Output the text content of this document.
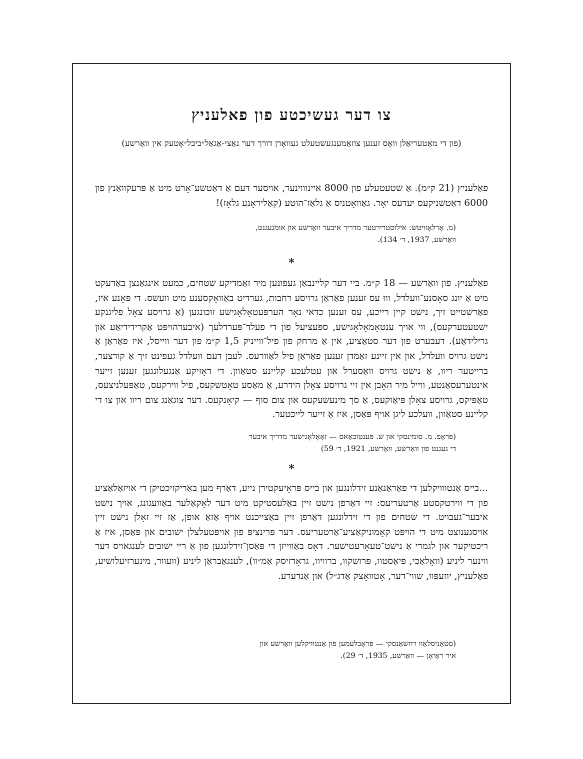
צו דער געשיכטע פון פאלעניץ
(פון די מאַטעריאַלן וואָס זענען צוזאַמענגעשטעלט געוואָרן דורך דער נאַצי-אַגאַל״ביבל״אָטעק אין וואַרשע)

פאַלעניץ (21 ק״מ). אַ שטעטעלע פון 8000 איינוווינער, אויסער דעם אַ דאַטשע־אָרט מיט אַ פּרעקוואַנץ פון 6000 דאַטשניקעס יעדעס יאָר. גאַוואָטניס אַ גלאַז־הוטע (קאַליראָנע גלאָז)!

(מ. אָרלאָוויטש: אילוסטרירטער מדריך איבער וואַרשע און אומגעגנט,

וואַרשע, 1937, ד׳ 134).

*

פאַלעניץ. פון וואַרשע — 18 ק״מ. ביי דער קליינבאַן געפונען מיר זאַמדיקע שטחים, כמעט אינגאַנצן באַדעקט מיט אַ יונג סאָסנע־וועלדל, וווּ עס זענען פאַראַן גרויסע רחבות, גערדיט באַוואָקסענע מיט וועשס. די פּאָנע איז, פאַרשטייט זיך, נישט קיין רייכע, עס זענען כדאי נאָר הערפּעטאָלאָגישע זוכונגען (אַ גרויסע צאָל פליגנקע ישטעטערקעס), ווי אויך ענטאָמאָלאָגישע, ספּעציעל פון די פעלד־פּערדלעך (איבערהויפּט אַקרידידיאַע און גרילידאַע). דעבערט פון דער סטאַציע, אין אַ מרחק פון פיל־ווייניק 1,5 ק״מ פון דער ווייסל, איז פאַראַן אַ נישט גרויס וועלדל, און אין זיינע זאַמדן זענען פאַראַן פיל לאַוורעס. לעבן דעם וועלדל געפינט זיך אַ קורצער, ברייטער ריוו, אַ נישט גרויס וואַסערל און עטלעכע קליינע סטאַוון. די דאָזיקע אַנגעלונגען זענען זייער אינטערעסאַנטע, ווייל מיר האָבן אין זיי גרויסע צאָלן הידרע, אַ מאַסע טאָטשקעס, פיל ווירקעס, טאַפּעלניצעס, טאַפּיקס, גרויסע צאָלן פּיאַוקעס, אַ סך מינעשעקעס און צום סוף — קיאָנקעס. דער צוגאַנג צום ריוו און צו די קליינע סטאַוון, וועלכע ליגן אויף פּאַסן, איז אַ זייער לייכטער.

(פּראָפ. מ. סומינסקי און ש. פּענטובאַאס — זאָאָלאָגישער מדריך איבער

די געגנט פון וואַרשע, וואַרשע, 1921, ד׳ 59)

*

...בייס אַנטווויקלען די פאַראַנאַנע זידלונגען און בייס פּראָיעקטירן נייע, דאַרף מען באַריקזיכטיקן די אויזאַלאַציע פון די ווירטקסטע אַרטעריעס: זיי דאַרפן נישט זיין באַלעסטיקט מיט דער לאָקאַלער באַוועגונג, אויך נישט איבער־געבויט. די שטחים פון די זידלונגען דאַרפן זיין באַצייכנט אויף אַזאַ אופן, אַז זיי זאָלן נישט זיין אויסגענוצט מיט די הויפּט קאָמוניקאַציע־אַרטעריעס. דער פּרינציפּ פון אויפּטעלצלן ישובים און פּאַסן, איז אַ ריכטיקער און לגמרי אַ נישט־טעאָרעטישער. דאָס באַווייזן די פּאַסן־זידלונגען פון אַ ריי ישובים לענגאויס דער ווינער ליניע (וואָלאַכי, פּיאַסטוו, פּרושקוו, ברוויוו, גראָדזיסק אַמ״וו), לענגאַבראַן ליניע (וועוור, מינערזיעלושיע, פאַלעניץ, יוזעפּוו, שווי־דער, אָטוואָצק אַדג״ל) און אַנדערע.

(סטאַניסלאַוו רוזשאַנסקי — פּראָבלעמען פון אַנטוויקלען וואַרשע און

איר ראַיאָן — וואַרשע, 1935, ד׳ 29).
